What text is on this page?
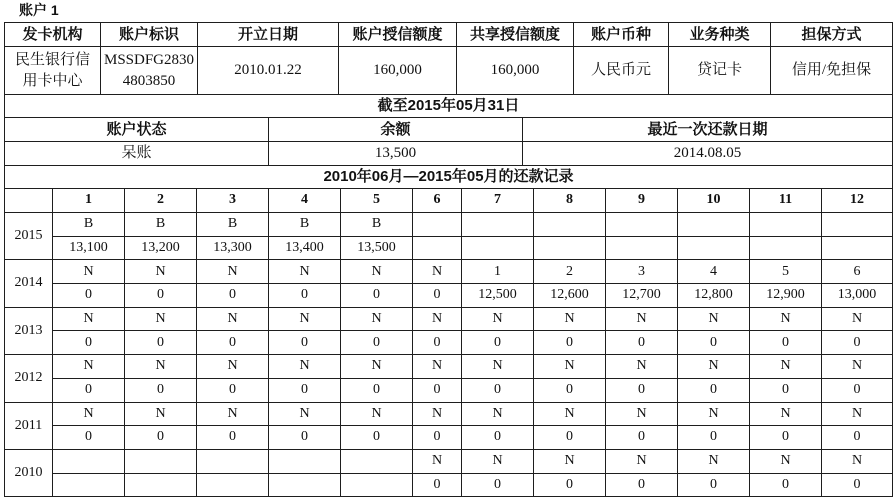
账户 1
发卡机构	账户标识	开立日期	账户授信额度	共享授信额度	账户币种	业务种类	担保方式
民生银行信用卡中心	MSSDFG28304803850	2010.01.22	160,000	160,000	人民币元	贷记卡	信用/免担保
截至2015年05月31日
账户状态	余额	最近一次还款日期
呆账	13,500	2014.08.05
2010年06月—2015年05月的还款记录
	1	2	3	4	5	6	7	8	9	10	11	12
2015	B	B	B	B	B							
	13,100	13,200	13,300	13,400	13,500							
2014	N	N	N	N	N	N	1	2	3	4	5	6
	0	0	0	0	0	0	12,500	12,600	12,700	12,800	12,900	13,000
2013	N	N	N	N	N	N	N	N	N	N	N	N
	0	0	0	0	0	0	0	0	0	0	0	0
2012	N	N	N	N	N	N	N	N	N	N	N	N
	0	0	0	0	0	0	0	0	0	0	0	0
2011	N	N	N	N	N	N	N	N	N	N	N	N
	0	0	0	0	0	0	0	0	0	0	0	0
2010						N	N	N	N	N	N	N
						0	0	0	0	0	0	0
